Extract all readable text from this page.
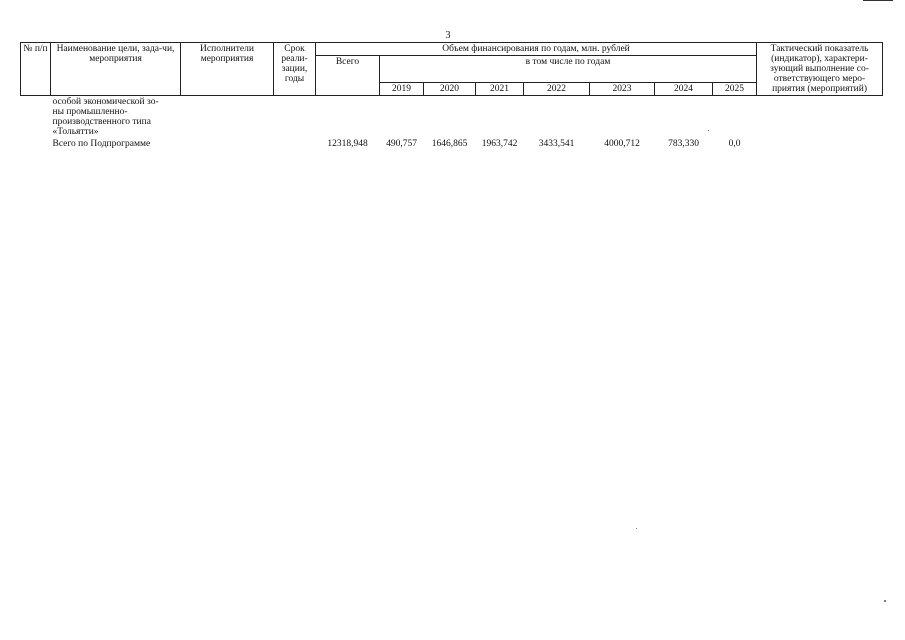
3
№ п/п	Наименование цели, зада-чи, мероприятия	Исполнители мероприятия	Срок реали-зации, годы	Объем финансирования по годам, млн. рублей								Тактический показатель (индикатор), характери-зующий выполнение со-ответствующего меро-приятия (мероприятий)
				Всего	в том числе по годам							
					2019	2020	2021	2022	2023	2024	2025	

	особой экономической зо-
ны промышленно-
производственного типа
«Тольятти»											

	Всего по Подпрограмме			12318,948	490,757	1646,865	1963,742	3433,541	4000,712	783,330	0,0	
